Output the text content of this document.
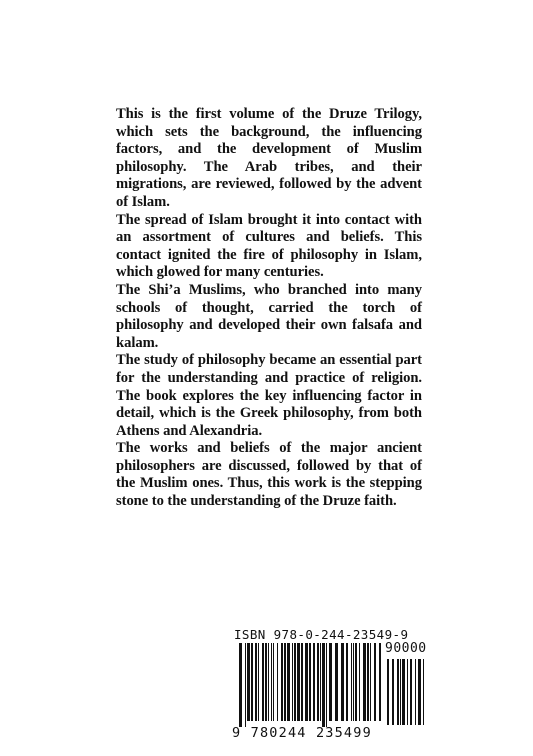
This is the first volume of the Druze Trilogy, which sets the background, the influencing factors, and the development of Muslim philosophy. The Arab tribes, and their migrations, are reviewed, followed by the advent of Islam.

The spread of Islam brought it into contact with an assortment of cultures and beliefs. This contact ignited the fire of philosophy in Islam, which glowed for many centuries.

The Shi’a Muslims, who branched into many schools of thought, carried the torch of philosophy and developed their own falsafa and kalam.

The study of philosophy became an essential part for the understanding and practice of religion. The book explores the key influencing factor in detail, which is the Greek philosophy, from both Athens and Alexandria.

The works and beliefs of the major ancient philosophers are discussed, followed by that of the Muslim ones. Thus, this work is the stepping stone to the understanding of the Druze faith.

ISBN 978-0-244-23549-9
90000
9 780244 235499
